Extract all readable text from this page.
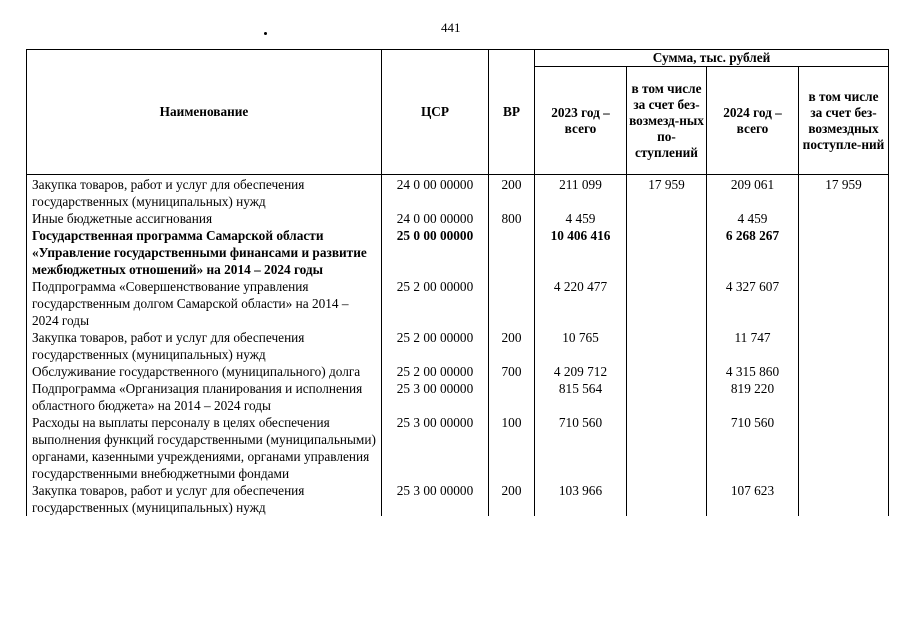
441
Наименование	ЦСР	ВР	Сумма, тыс. рублей			
			2023 год – всего	в том числе за счет без-возмезд-ных по-ступлений	2024 год – всего	в том числе за счет без-возмездных поступле-ний
Закупка товаров, работ и услуг для обеспечения государственных (муниципальных) нужд	24 0 00 00000	200	211 099	17 959	209 061	17 959
Иные бюджетные ассигнования	24 0 00 00000	800	4 459		4 459	
Государственная программа Самарской области «Управление государственными финансами и развитие межбюджетных отношений» на 2014 – 2024 годы	25 0 00 00000		10 406 416		6 268 267	
Подпрограмма «Совершенствование управления государственным долгом Самарской области» на 2014 – 2024 годы	25 2 00 00000		4 220 477		4 327 607	
Закупка товаров, работ и услуг для обеспечения государственных (муниципальных) нужд	25 2 00 00000	200	10 765		11 747	
Обслуживание государственного (муниципального) долга	25 2 00 00000	700	4 209 712		4 315 860	
Подпрограмма «Организация планирования и исполнения областного бюджета» на 2014 – 2024 годы	25 3 00 00000		815 564		819 220	
Расходы на выплаты персоналу в целях обеспечения выполнения функций государственными (муниципальными) органами, казенными учреждениями, органами управления государственными внебюджетными фондами	25 3 00 00000	100	710 560		710 560	
Закупка товаров, работ и услуг для обеспечения государственных (муниципальных) нужд	25 3 00 00000	200	103 966		107 623	
